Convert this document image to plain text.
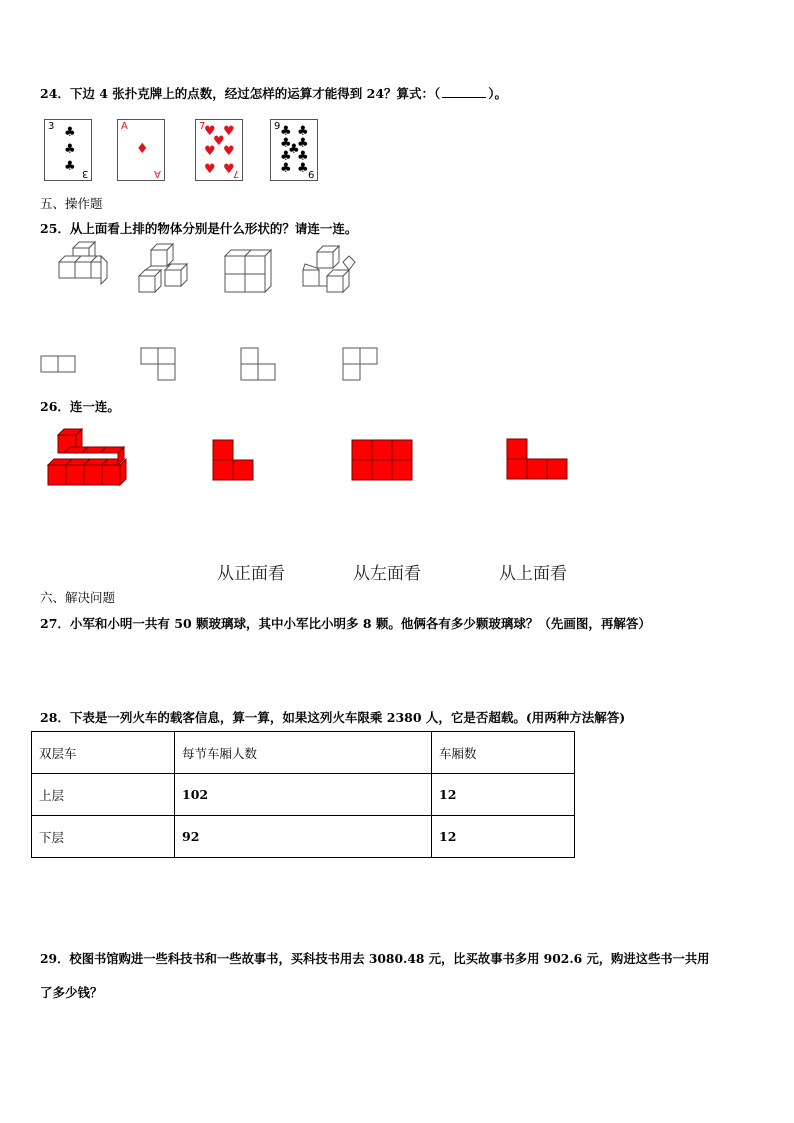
24．下边 4 张扑克牌上的点数，经过怎样的运算才能得到 24？算式：（	）。
3 ♣
♣
♣ 3
A
♦
A
7
♥ ♥
♥
♥ ♥
♥ ♥
7
9 ♣ ♣
♣ ♣
♣
♣ ♣
♣ ♣
9
五、操作题
25．从上面看上排的物体分别是什么形状的？请连一连。
26．连一连。
从正面看	从左面看	从上面看
六、解决问题
27．小军和小明一共有 50 颗玻璃球，其中小军比小明多 8 颗。他俩各有多少颗玻璃球？（先画图，再解答）
28．下表是一列火车的载客信息，算一算，如果这列火车限乘 2380 人，它是否超载。(用两种方法解答)
双层车	每节车厢人数	车厢数
上层	102	12
下层	92	12
29．校图书馆购进一些科技书和一些故事书，买科技书用去 3080.48 元，比买故事书多用 902.6 元，购进这些书一共用
了多少钱？
